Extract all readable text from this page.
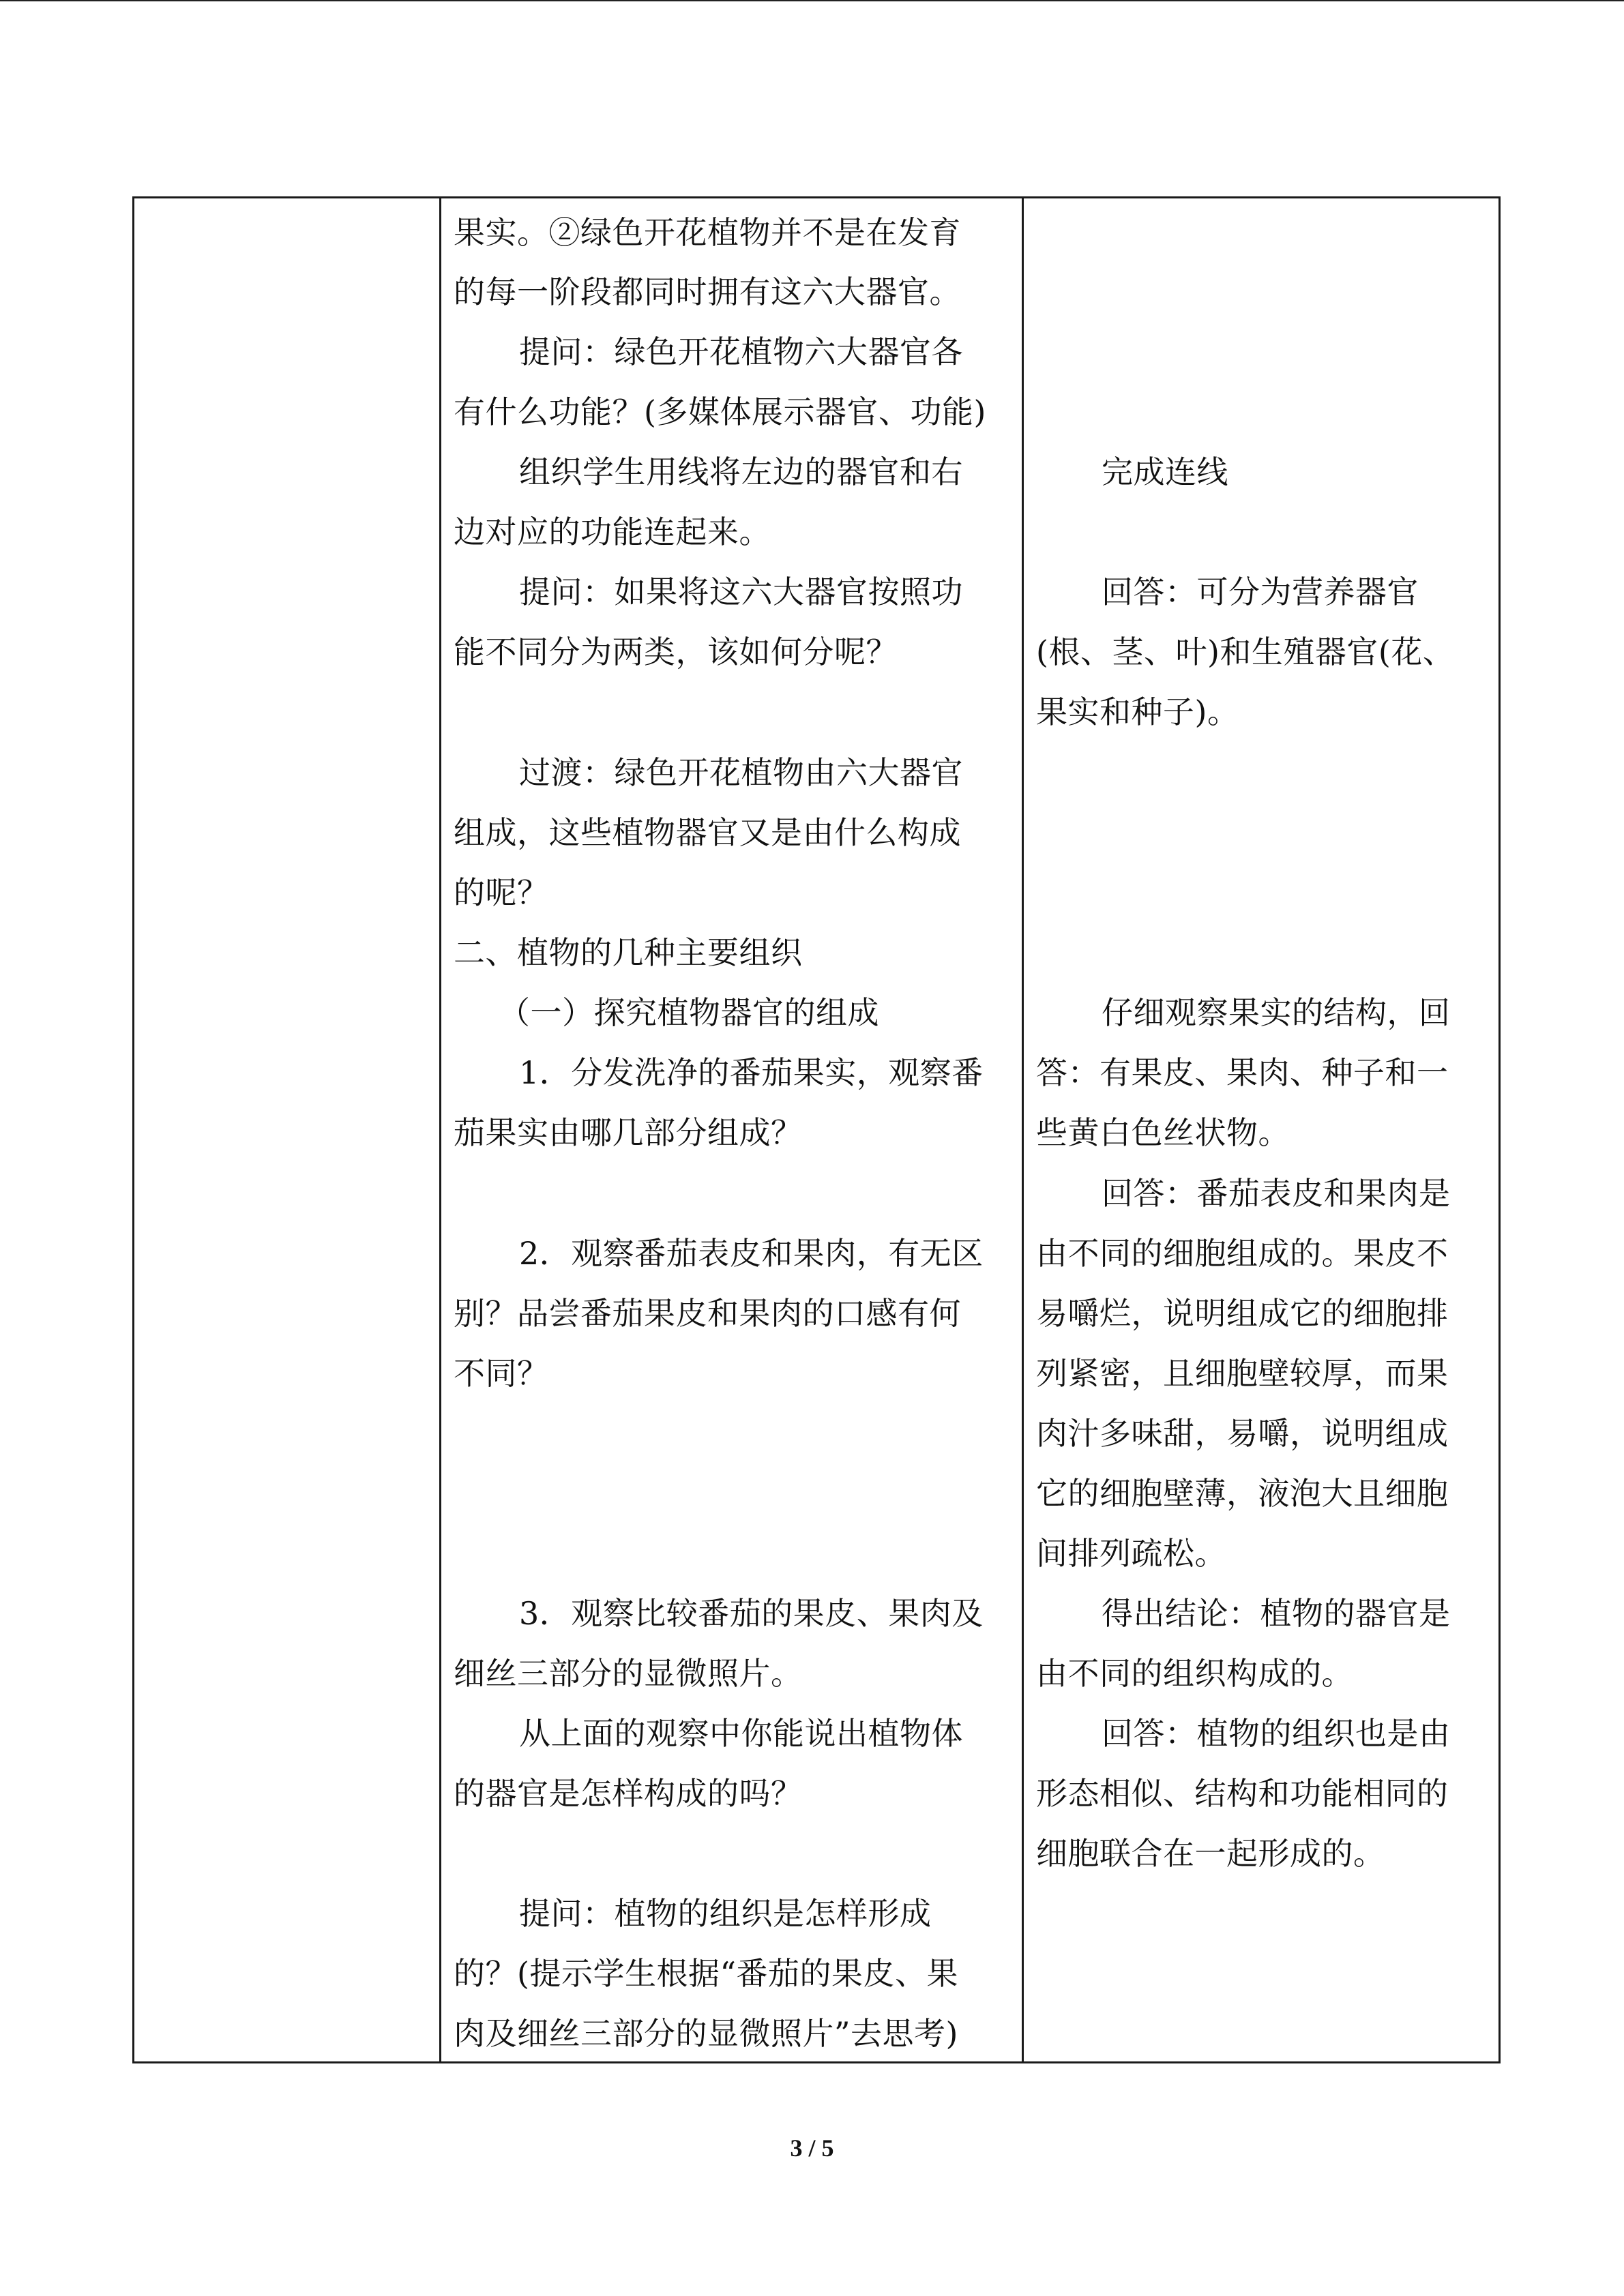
果实。②绿色开花植物并不是在发育
的每一阶段都同时拥有这六大器官。
提问：绿色开花植物六大器官各
有什么功能？(多媒体展示器官、功能)
组织学生用线将左边的器官和右
边对应的功能连起来。
提问：如果将这六大器官按照功
能不同分为两类，该如何分呢？
过渡：绿色开花植物由六大器官
组成，这些植物器官又是由什么构成
的呢？
二、植物的几种主要组织
（一）探究植物器官的组成
1．分发洗净的番茄果实，观察番
茄果实由哪几部分组成？
2．观察番茄表皮和果肉，有无区
别？品尝番茄果皮和果肉的口感有何
不同？
3．观察比较番茄的果皮、果肉及
细丝三部分的显微照片。
从上面的观察中你能说出植物体
的器官是怎样构成的吗？
提问：植物的组织是怎样形成
的？(提示学生根据“番茄的果皮、果
肉及细丝三部分的显微照片”去思考)

完成连线
回答：可分为营养器官
(根、茎、叶)和生殖器官(花、
果实和种子)。
仔细观察果实的结构，回
答：有果皮、果肉、种子和一
些黄白色丝状物。
回答：番茄表皮和果肉是
由不同的细胞组成的。果皮不
易嚼烂，说明组成它的细胞排
列紧密，且细胞壁较厚，而果
肉汁多味甜，易嚼，说明组成
它的细胞壁薄，液泡大且细胞
间排列疏松。
得出结论：植物的器官是
由不同的组织构成的。
回答：植物的组织也是由
形态相似、结构和功能相同的
细胞联合在一起形成的。
3 / 5
